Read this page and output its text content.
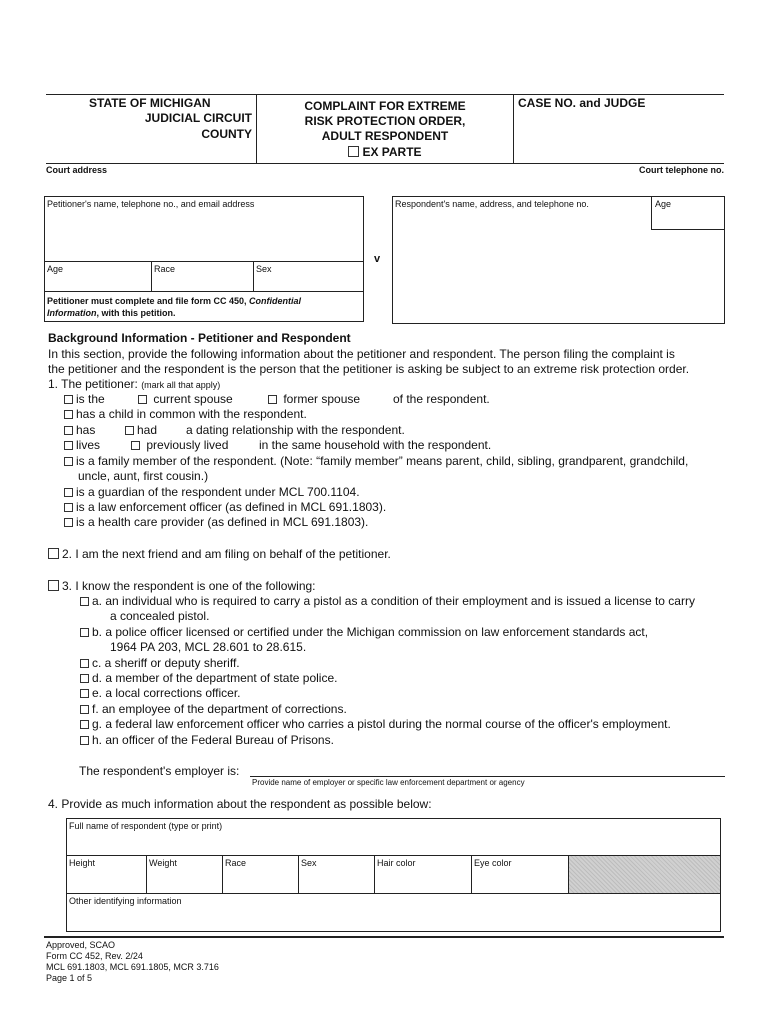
STATE OF MICHIGAN
JUDICIAL CIRCUIT
COUNTY
COMPLAINT FOR EXTREME
RISK PROTECTION ORDER,
ADULT RESPONDENT
EX PARTE
CASE NO. and JUDGE
Court address	Court telephone no.
Petitioner's name, telephone no., and email address
Age	Race	Sex
Petitioner must complete and file form CC 450, Confidential Information, with this petition.
v
Respondent's name, address, and telephone no.	Age
Background Information - Petitioner and Respondent
In this section, provide the following information about the petitioner and respondent. The person filing the complaint is
the petitioner and the respondent is the person that the petitioner is asking be subject to an extreme risk protection order.
1. The petitioner: (mark all that apply)
is the	current spouse	former spouse	of the respondent.
has a child in common with the respondent.
has	had a dating relationship with the respondent.
lives	previously lived	in the same household with the respondent.
is a family member of the respondent. (Note: “family member” means parent, child, sibling, grandparent, grandchild,
uncle, aunt, first cousin.)
is a guardian of the respondent under MCL 700.1104.
is a law enforcement officer (as defined in MCL 691.1803).
is a health care provider (as defined in MCL 691.1803).
2. I am the next friend and am filing on behalf of the petitioner.
3. I know the respondent is one of the following:
a. an individual who is required to carry a pistol as a condition of their employment and is issued a license to carry
a concealed pistol.
b. a police officer licensed or certified under the Michigan commission on law enforcement standards act,
1964 PA 203, MCL 28.601 to 28.615.
c. a sheriff or deputy sheriff.
d. a member of the department of state police.
e. a local corrections officer.
f. an employee of the department of corrections.
g. a federal law enforcement officer who carries a pistol during the normal course of the officer's employment.
h. an officer of the Federal Bureau of Prisons.
The respondent's employer is:
Provide name of employer or specific law enforcement department or agency
4. Provide as much information about the respondent as possible below:
Full name of respondent (type or print)
Height	Weight	Race	Sex	Hair color	Eye color
Other identifying information
Approved, SCAO
Form CC 452, Rev. 2/24
MCL 691.1803, MCL 691.1805, MCR 3.716
Page 1 of 5
